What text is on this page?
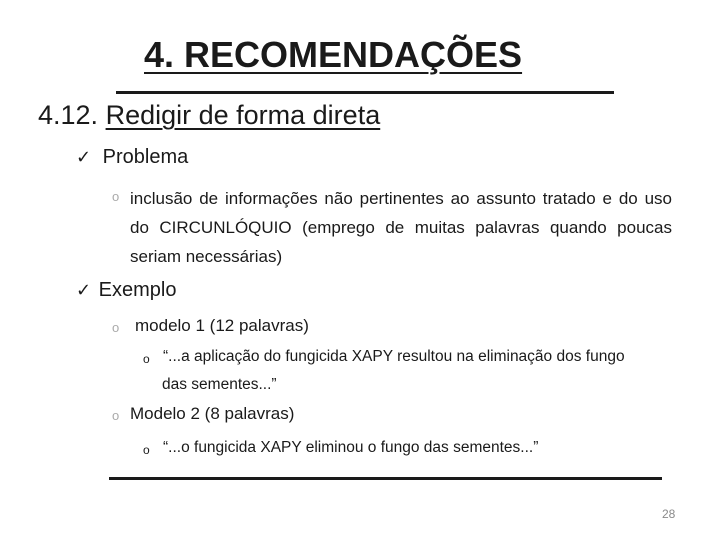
4. RECOMENDAÇÕES
4.12. Redigir de forma direta
✓ Problema
o inclusão de informações não pertinentes ao assunto tratado e do uso do CIRCUNLÓQUIO (emprego de muitas palavras quando poucas seriam necessárias)
✓ Exemplo
o modelo 1 (12 palavras)
o “...a aplicação do fungicida XAPY resultou na eliminação dos fungo
das sementes...”
o Modelo 2 (8 palavras)
o “...o fungicida XAPY eliminou o fungo das sementes...”
28
